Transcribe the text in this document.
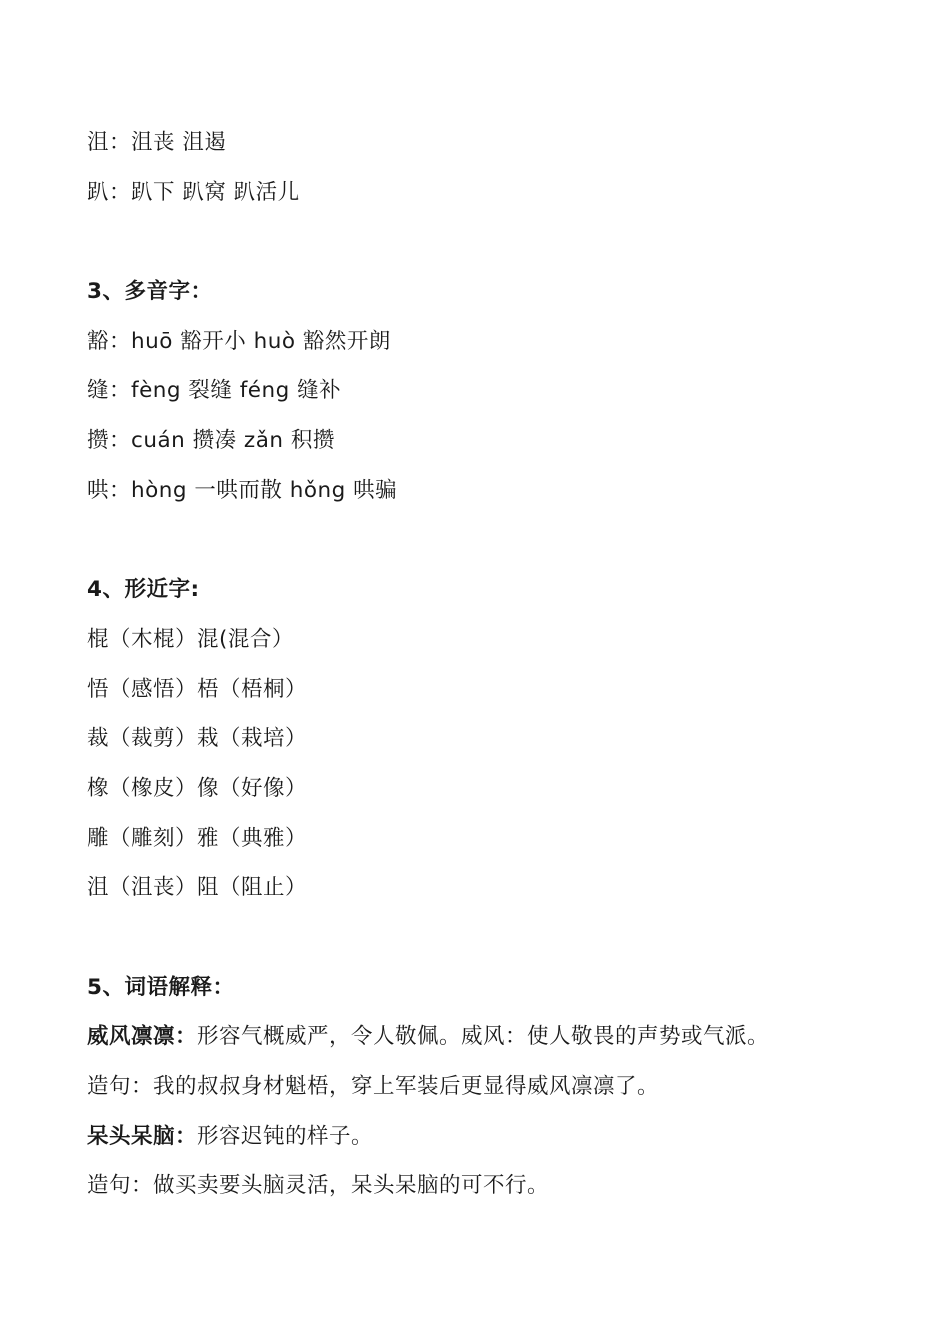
沮：沮丧 沮遏
趴：趴下 趴窝 趴活儿
3、多音字：
豁：huō 豁开小 huò 豁然开朗
缝：fèng 裂缝 féng 缝补
攒：cuán 攒凑 zǎn 积攒
哄：hòng 一哄而散 hǒng 哄骗
4、形近字:
棍（木棍）混(混合）
悟（感悟）梧（梧桐）
裁（裁剪）栽（栽培）
橡（橡皮）像（好像）
雕（雕刻）雅（典雅）
沮（沮丧）阻（阻止）
5、词语解释：
威风凛凛：形容气概威严，令人敬佩。威风：使人敬畏的声势或气派。
造句：我的叔叔身材魁梧，穿上军装后更显得威风凛凛了。
呆头呆脑：形容迟钝的样子。
造句：做买卖要头脑灵活，呆头呆脑的可不行。
